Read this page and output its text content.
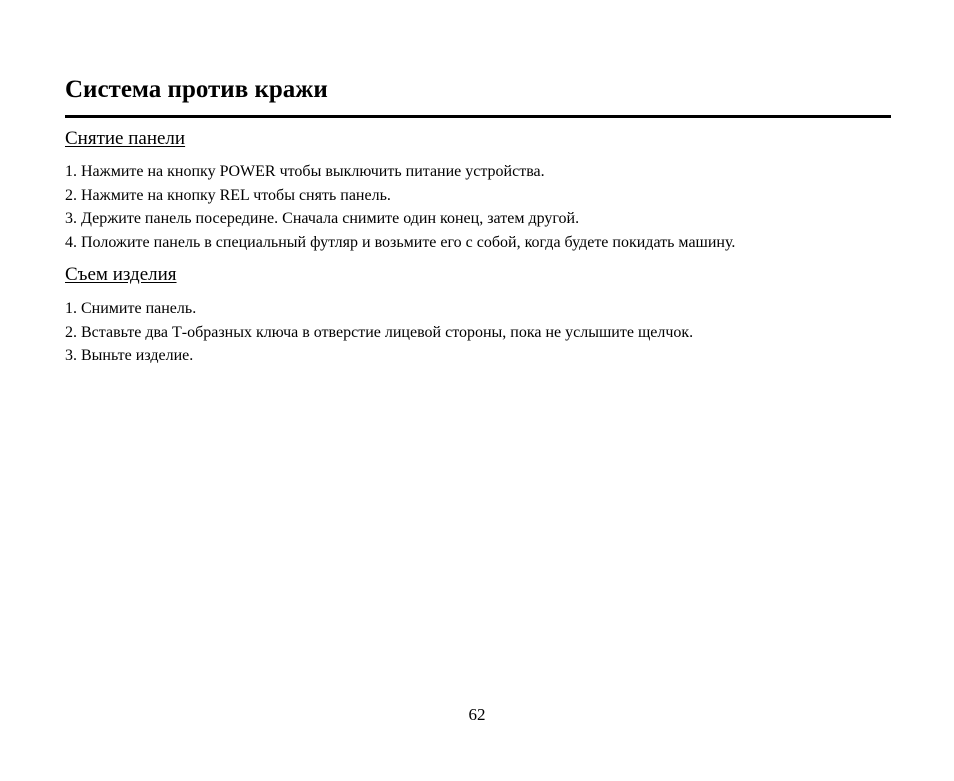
Система против кражи
Снятие панели
1. Нажмите на кнопку POWER чтобы выключить питание устройства.
2. Нажмите на кнопку REL чтобы снять панель.
3. Держите панель посередине. Сначала снимите один конец, затем другой.
4. Положите панель в специальный футляр и возьмите его с собой, когда будете покидать машину.
Съем изделия
1. Снимите панель.
2. Вставьте два Т-образных ключа в отверстие лицевой стороны, пока не услышите щелчок.
3. Выньте изделие.
62
